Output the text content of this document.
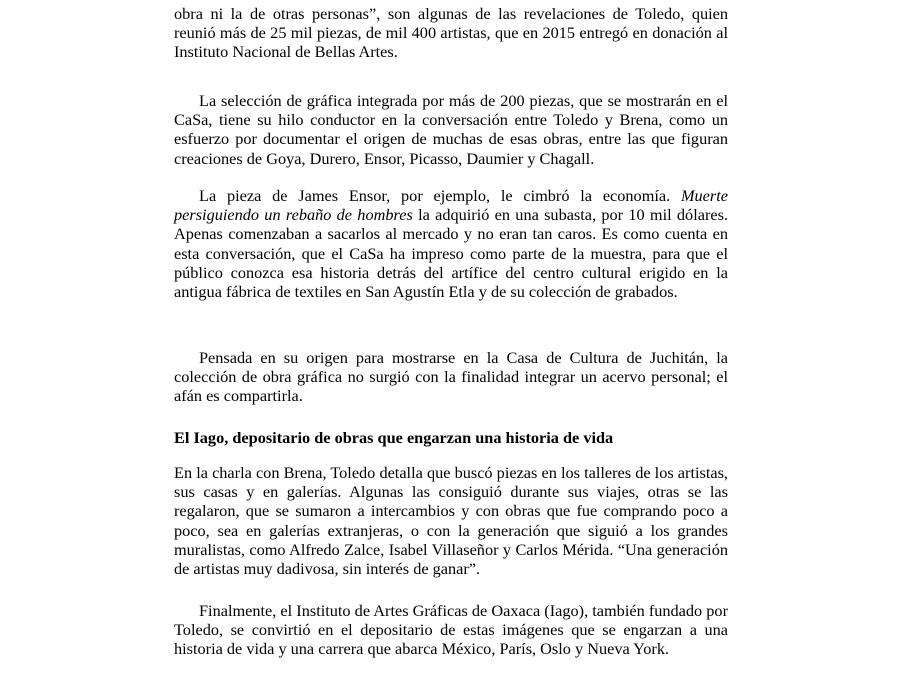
obra ni la de otras personas”, son algunas de las revelaciones de Toledo, quien reunió más de 25 mil piezas, de mil 400 artistas, que en 2015 entregó en donación al Instituto Nacional de Bellas Artes.

La selección de gráfica integrada por más de 200 piezas, que se mostrarán en el CaSa, tiene su hilo conductor en la conversación entre Toledo y Brena, como un esfuerzo por documentar el origen de muchas de esas obras, entre las que figuran creaciones de Goya, Durero, Ensor, Picasso, Daumier y Chagall.

La pieza de James Ensor, por ejemplo, le cimbró la economía. Muerte persiguiendo un rebaño de hombres la adquirió en una subasta, por 10 mil dólares. Apenas comenzaban a sacarlos al mercado y no eran tan caros. Es como cuenta en esta conversación, que el CaSa ha impreso como parte de la muestra, para que el público conozca esa historia detrás del artífice del centro cultural erigido en la antigua fábrica de textiles en San Agustín Etla y de su colección de grabados.

Pensada en su origen para mostrarse en la Casa de Cultura de Juchitán, la colección de obra gráfica no surgió con la finalidad integrar un acervo personal; el afán es compartirla.

El Iago, depositario de obras que engarzan una historia de vida

En la charla con Brena, Toledo detalla que buscó piezas en los talleres de los artistas, sus casas y en galerías. Algunas las consiguió durante sus viajes, otras se las regalaron, que se sumaron a intercambios y con obras que fue comprando poco a poco, sea en galerías extranjeras, o con la generación que siguió a los grandes muralistas, como Alfredo Zalce, Isabel Villaseñor y Carlos Mérida. “Una generación de artistas muy dadivosa, sin interés de ganar”.

Finalmente, el Instituto de Artes Gráficas de Oaxaca (Iago), también fundado por Toledo, se convirtió en el depositario de estas imágenes que se engarzan a una historia de vida y una carrera que abarca México, París, Oslo y Nueva York.
